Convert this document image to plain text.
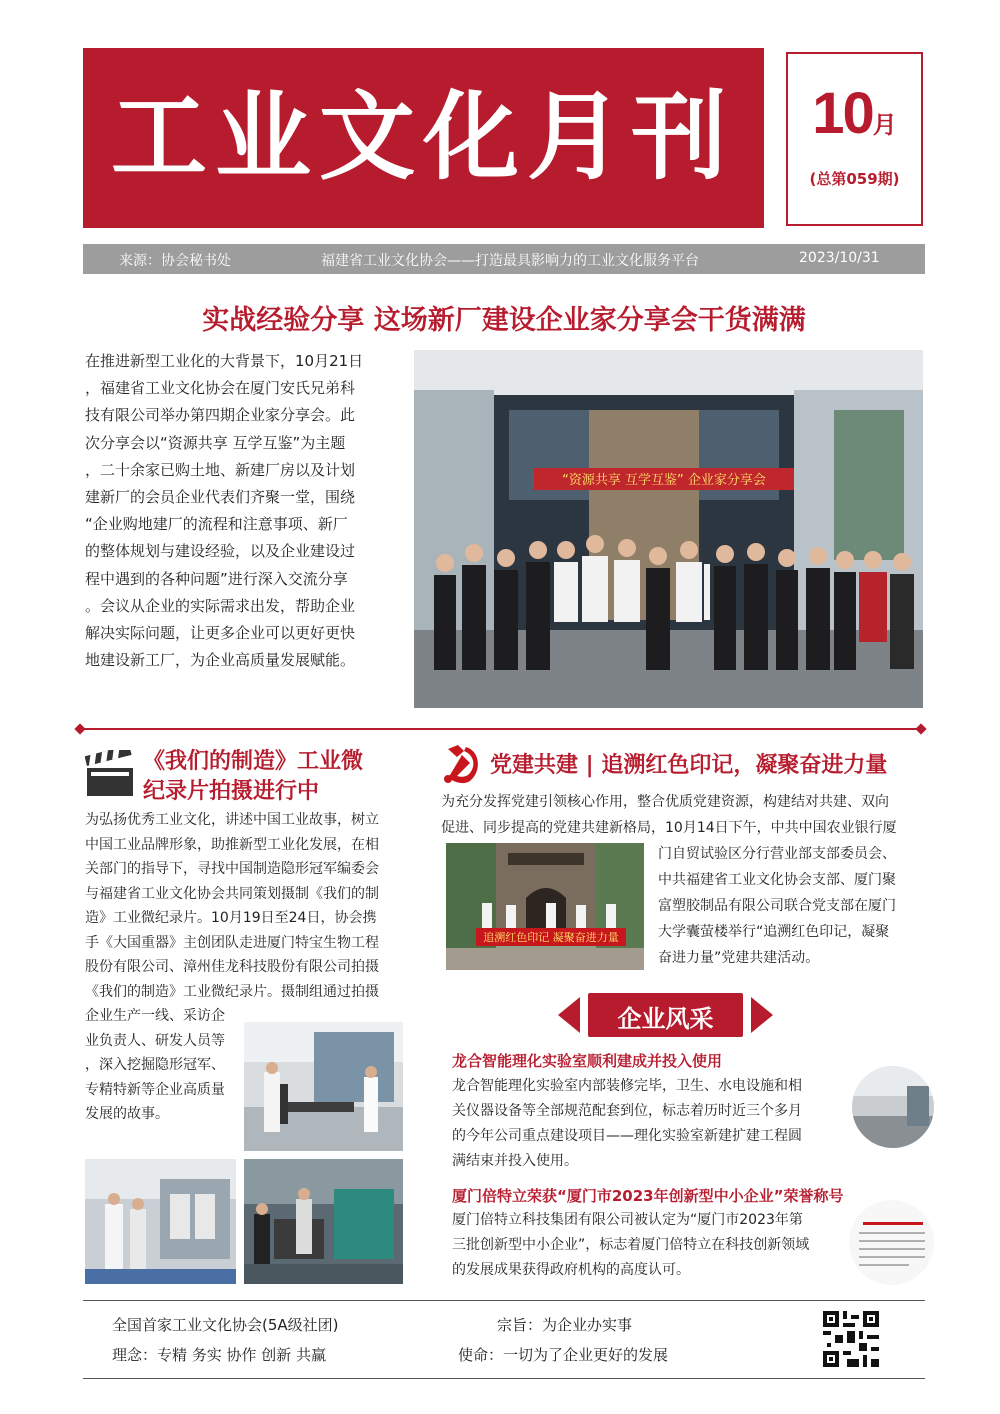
工业文化月刊	10月
(总第059期)
来源：协会秘书处	福建省工业文化协会——打造最具影响力的工业文化服务平台	2023/10/31
实战经验分享 这场新厂建设企业家分享会干货满满
在推进新型工业化的大背景下，10月21日
，福建省工业文化协会在厦门安氏兄弟科
技有限公司举办第四期企业家分享会。此
次分享会以“资源共享 互学互鉴”为主题
，二十余家已购土地、新建厂房以及计划
建新厂的会员企业代表们齐聚一堂，围绕
“企业购地建厂的流程和注意事项、新厂
的整体规划与建设经验，以及企业建设过
程中遇到的各种问题”进行深入交流分享
。会议从企业的实际需求出发，帮助企业
解决实际问题，让更多企业可以更好更快
地建设新工厂，为企业高质量发展赋能。
“资源共享 互学互鉴” 企业家分享会
《我们的制造》工业微
纪录片拍摄进行中
为弘扬优秀工业文化，讲述中国工业故事，树立
中国工业品牌形象，助推新型工业化发展，在相
关部门的指导下，寻找中国制造隐形冠军编委会
与福建省工业文化协会共同策划摄制《我们的制
造》工业微纪录片。10月19日至24日，协会携
手《大国重器》主创团队走进厦门特宝生物工程
股份有限公司、漳州佳龙科技股份有限公司拍摄
《我们的制造》工业微纪录片。摄制组通过拍摄
企业生产一线、采访企
业负责人、研发人员等
，深入挖掘隐形冠军、
专精特新等企业高质量
发展的故事。
党建共建 | 追溯红色印记，凝聚奋进力量
为充分发挥党建引领核心作用，整合优质党建资源，构建结对共建、双向
促进、同步提高的党建共建新格局，10月14日下午，中共中国农业银行厦
追溯红色印记 凝聚奋进力量
门自贸试验区分行营业部支部委员会、
中共福建省工业文化协会支部、厦门聚
富塑胶制品有限公司联合党支部在厦门
大学囊萤楼举行“追溯红色印记，凝聚
奋进力量”党建共建活动。
企业风采
龙合智能理化实验室顺利建成并投入使用
龙合智能理化实验室内部装修完毕，卫生、水电设施和相
关仪器设备等全部规范配套到位，标志着历时近三个多月
的今年公司重点建设项目——理化实验室新建扩建工程圆
满结束并投入使用。
厦门倍特立荣获“厦门市2023年创新型中小企业”荣誉称号
厦门倍特立科技集团有限公司被认定为“厦门市2023年第
三批创新型中小企业”，标志着厦门倍特立在科技创新领域
的发展成果获得政府机构的高度认可。
全国首家工业文化协会(5A级社团)	宗旨：为企业办实事
理念：专精 务实 协作 创新 共赢	使命：一切为了企业更好的发展
